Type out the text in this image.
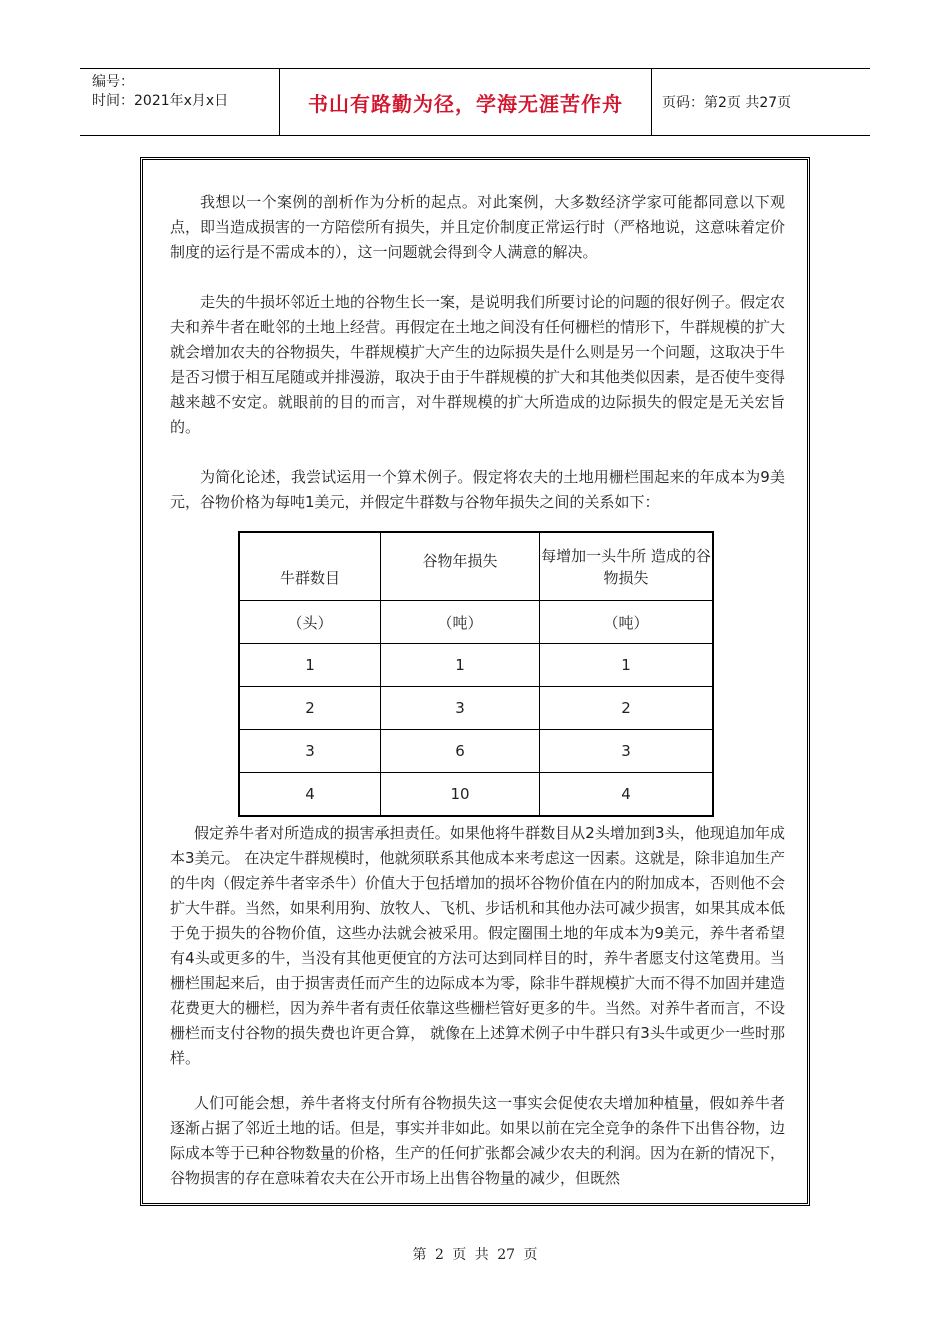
编号：
时间：2021年x月x日	书山有路勤为径，学海无涯苦作舟	页码：第2页 共27页

我想以一个案例的剖析作为分析的起点。对此案例，大多数经济学家可能都同意以下观点，即当造成损害的一方陪偿所有损失，并且定价制度正常运行时（严格地说，这意味着定价制度的运行是不需成本的），这一问题就会得到令人满意的解决。

走失的牛损坏邻近土地的谷物生长一案，是说明我们所要讨论的问题的很好例子。假定农夫和养牛者在毗邻的土地上经营。再假定在土地之间没有任何栅栏的情形下，牛群规模的扩大就会增加农夫的谷物损失，牛群规模扩大产生的边际损失是什么则是另一个问题，这取决于牛是否习惯于相互尾随或并排漫游，取决于由于牛群规模的扩大和其他类似因素，是否使牛变得越来越不安定。就眼前的目的而言，对牛群规模的扩大所造成的边际损失的假定是无关宏旨的。

为简化论述，我尝试运用一个算术例子。假定将农夫的土地用栅栏围起来的年成本为9美元，谷物价格为每吨1美元，并假定牛群数与谷物年损失之间的关系如下：

牛群数目	谷物年损失	每增加一头牛所 造成的谷物损失

（头）	（吨）	（吨）
1	1	1
2	3	2
3	6	3
4	10	4

假定养牛者对所造成的损害承担责任。如果他将牛群数目从2头增加到3头，他现追加年成本3美元。 在决定牛群规模时，他就须联系其他成本来考虑这一因素。这就是，除非追加生产的牛肉（假定养牛者宰杀牛）价值大于包括增加的损坏谷物价值在内的附加成本，否则他不会扩大牛群。当然，如果利用狗、放牧人、飞机、步话机和其他办法可减少损害，如果其成本低于免于损失的谷物价值，这些办法就会被采用。假定圈围土地的年成本为9美元，养牛者希望有4头或更多的牛，当没有其他更便宜的方法可达到同样目的时，养牛者愿支付这笔费用。当栅栏围起来后，由于损害责任而产生的边际成本为零，除非牛群规模扩大而不得不加固并建造花费更大的栅栏，因为养牛者有责任依靠这些栅栏管好更多的牛。当然。对养牛者而言，不设栅栏而支付谷物的损失费也许更合算， 就像在上述算术例子中牛群只有3头牛或更少一些时那样。

人们可能会想，养牛者将支付所有谷物损失这一事实会促使农夫增加种植量，假如养牛者逐渐占据了邻近土地的话。但是，事实并非如此。如果以前在完全竞争的条件下出售谷物，边际成本等于已种谷物数量的价格，生产的任何扩张都会减少农夫的利润。因为在新的情况下，谷物损害的存在意味着农夫在公开市场上出售谷物量的减少，但既然

第 2 页 共 27 页
